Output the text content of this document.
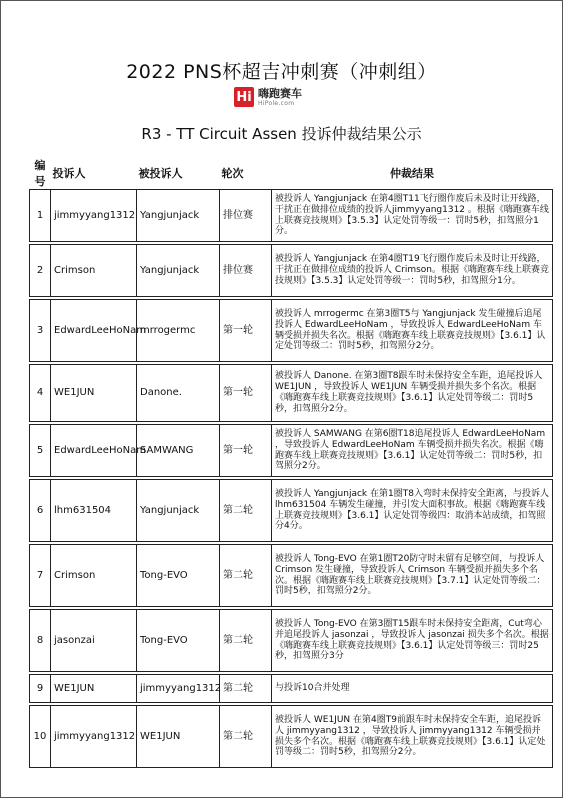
2022 PNS杯超吉冲刺赛（冲刺组）
Hi 嗨跑赛车
HiPole.com
R3 - TT Circuit Assen 投诉仲裁结果公示
编号	投诉人	被投诉人	轮次	仲裁结果
1	jimmyyang1312	Yangjunjack	排位赛	被投诉人 Yangjunjack 在第4圈T11飞行圈作废后未及时让开线路，干扰正在做排位成绩的投诉人jimmyyang1312 。根据《嗨跑赛车线上联赛竞技规则》【3.5.3】认定处罚等级一：罚时5秒，扣驾照分1分。

2	Crimson	Yangjunjack	排位赛	被投诉人 Yangjunjack 在第4圈T19飞行圈作废后未及时让开线路，干扰正在做排位成绩的投诉人 Crimson。根据《嗨跑赛车线上联赛竞技规则》【3.5.3】认定处罚等级一：罚时5秒，扣驾照分1分。

3	EdwardLeeHoNam	mrrogermc	第一轮	被投诉人 mrrogermc 在第3圈T5与 Yangjunjack 发生碰撞后追尾投诉人 EdwardLeeHoNam ，导致投诉人 EdwardLeeHoNam 车辆受损并损失名次。根据《嗨跑赛车线上联赛竞技规则》【3.6.1】认定处罚等级二：罚时5秒，扣驾照分2分。

4	WE1JUN	Danone.	第一轮	被投诉人 Danone. 在第3圈T8跟车时未保持安全车距，追尾投诉人 WE1JUN ，导致投诉人 WE1JUN 车辆受损并损失多个名次。根据《嗨跑赛车线上联赛竞技规则》【3.6.1】认定处罚等级二：罚时5秒，扣驾照分2分。

5	EdwardLeeHoNam	SAMWANG	第一轮	被投诉人 SAMWANG 在第6圈T18追尾投诉人 EdwardLeeHoNam ，导致投诉人 EdwardLeeHoNam 车辆受损并损失名次。根据《嗨跑赛车线上联赛竞技规则》【3.6.1】认定处罚等级二：罚时5秒，扣驾照分2分。

6	lhm631504	Yangjunjack	第二轮	被投诉人 Yangjunjack 在第1圈T8入弯时未保持安全距离，与投诉人 lhm631504 车辆发生碰撞，并引发大面积事故。根据《嗨跑赛车线上联赛竞技规则》【3.6.1】认定处罚等级四：取消本站成绩，扣驾照分4分。

7	Crimson	Tong-EVO	第二轮	被投诉人 Tong-EVO 在第1圈T20防守时未留有足够空间，与投诉人 Crimson 发生碰撞，导致投诉人 Crimson 车辆受损并损失多个名次。根据《嗨跑赛车线上联赛竞技规则》【3.7.1】认定处罚等级二：罚时5秒，扣驾照分2分。

8	jasonzai	Tong-EVO	第二轮	被投诉人 Tong-EVO 在第3圈T15跟车时未保持安全距离，Cut弯心并追尾投诉人 jasonzai ，导致投诉人 jasonzai 损失多个名次。根据《嗨跑赛车线上联赛竞技规则》【3.6.1】认定处罚等级三：罚时25秒，扣驾照分3分

9	WE1JUN	jimmyyang1312	第二轮	与投诉10合并处理

10	jimmyyang1312	WE1JUN	第二轮	被投诉人 WE1JUN 在第4圈T9前跟车时未保持安全车距，追尾投诉人 jimmyyang1312 ，导致投诉人 jimmyyang1312 车辆受损并损失多个名次。根据《嗨跑赛车线上联赛竞技规则》【3.6.1】认定处罚等级二：罚时5秒，扣驾照分2分。
